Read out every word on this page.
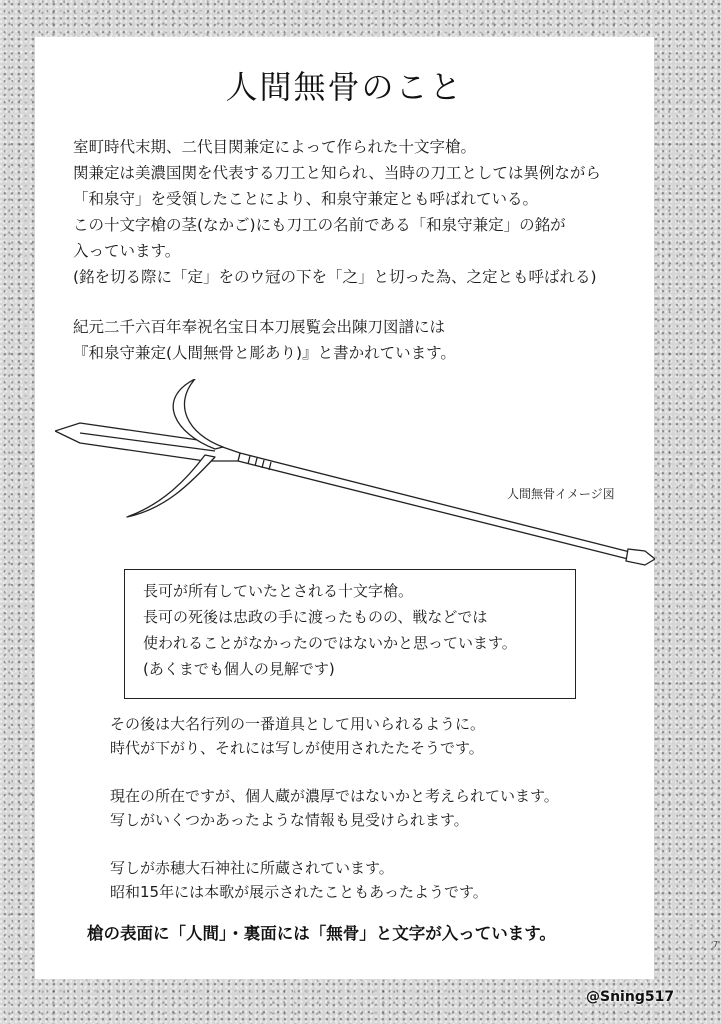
人間無骨のこと
室町時代末期、二代目関兼定によって作られた十文字槍。
関兼定は美濃国関を代表する刀工と知られ、当時の刀工としては異例ながら
「和泉守」を受領したことにより、和泉守兼定とも呼ばれている。
この十文字槍の茎(なかご)にも刀工の名前である「和泉守兼定」の銘が
入っています。
(銘を切る際に「定」をのウ冠の下を「之」と切った為、之定とも呼ばれる)
紀元二千六百年奉祝名宝日本刀展覧会出陳刀図譜には
『和泉守兼定(人間無骨と彫あり)』と書かれています。
人間無骨イメージ図
長可が所有していたとされる十文字槍。
長可の死後は忠政の手に渡ったものの、戦などでは
使われることがなかったのではないかと思っています。
(あくまでも個人の見解です)
その後は大名行列の一番道具として用いられるように。
時代が下がり、それには写しが使用されたたそうです。
現在の所在ですが、個人蔵が濃厚ではないかと考えられています。
写しがいくつかあったような情報も見受けられます。
写しが赤穂大石神社に所蔵されています。
昭和15年には本歌が展示されたこともあったようです。
槍の表面に「人間」・裏面には「無骨」と文字が入っています。
7
@Sning517
